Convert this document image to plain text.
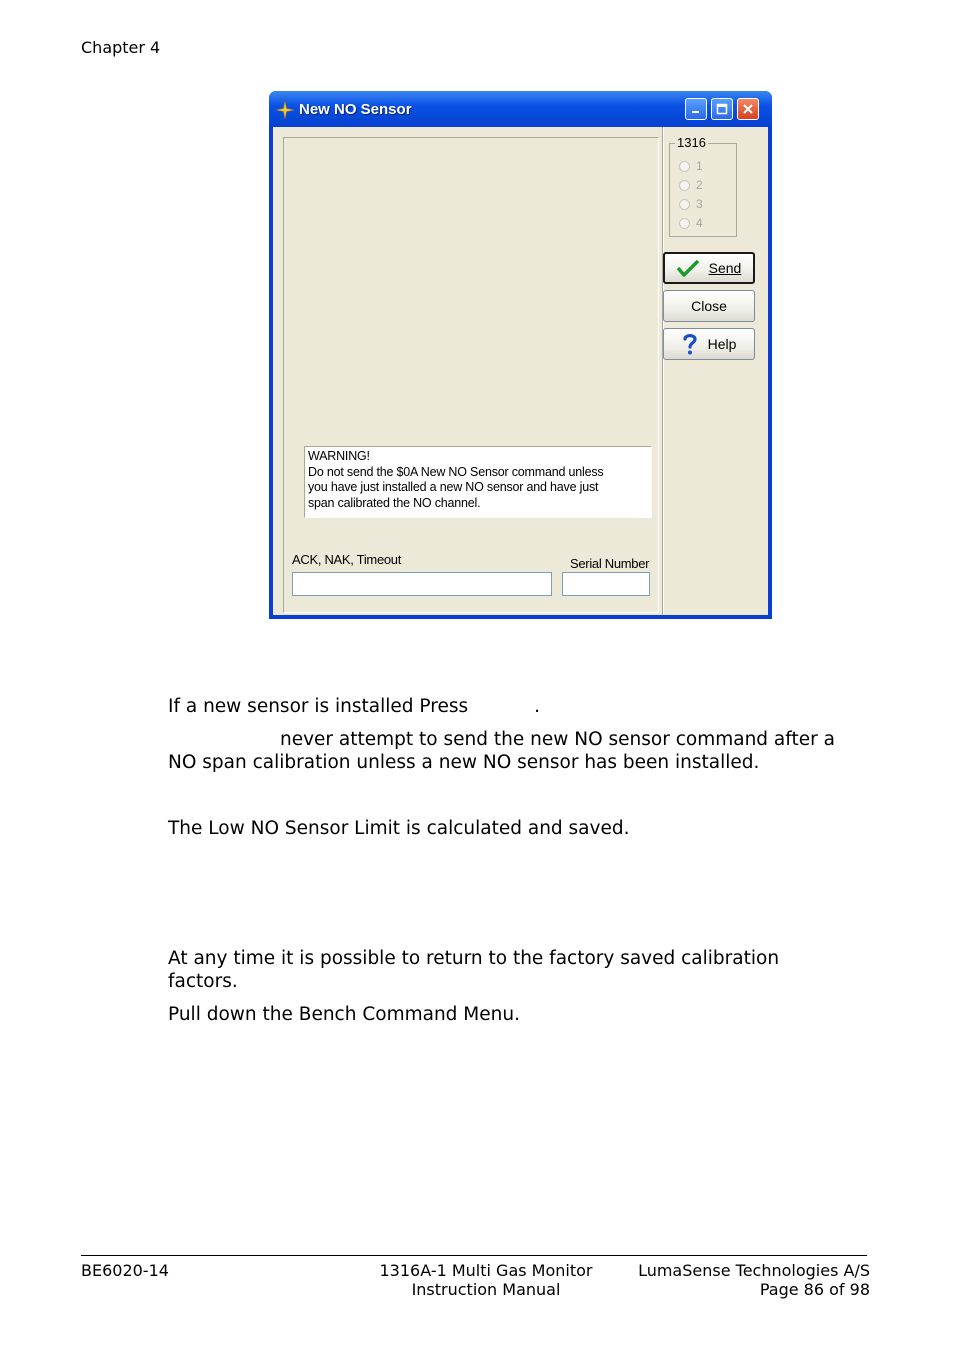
Chapter 4
New NO Sensor
WARNING!
Do not send the $0A New NO Sensor command unless
you have just installed a new NO sensor and have just
span calibrated the NO channel.
ACK, NAK, Timeout	Serial Number
1316
1
2
3
4
Send
Close
Help
If a new sensor is installed Press	.

never attempt to send the new NO sensor command after a

NO span calibration unless a new NO sensor has been installed.

The Low NO Sensor Limit is calculated and saved.

At any time it is possible to return to the factory saved calibration

factors.

Pull down the Bench Command Menu.
BE6020-14	1316A-1 Multi Gas Monitor
Instruction Manual
LumaSense Technologies A/S
Page 86 of 98
